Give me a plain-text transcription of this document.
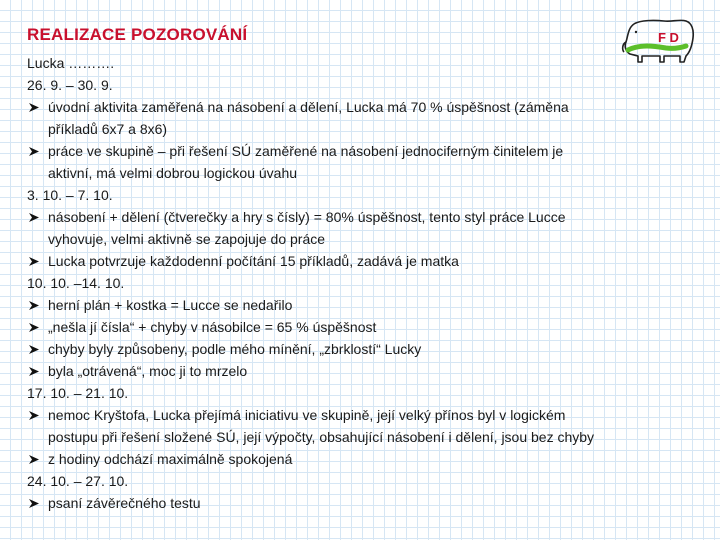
REALIZACE POZOROVÁNÍ	F D
Lucka ……….
26. 9. – 30. 9.
úvodní aktivita zaměřená na násobení a dělení, Lucka má 70 % úspěšnost (záměna
příkladů 6x7 a 8x6)
práce ve skupině – při řešení SÚ zaměřené na násobení jednociferným činitelem je
aktivní, má velmi dobrou logickou úvahu
3. 10. – 7. 10.
násobení + dělení (čtverečky a hry s čísly) = 80% úspěšnost, tento styl práce Lucce
vyhovuje, velmi aktivně se zapojuje do práce
Lucka potvrzuje každodenní počítání 15 příkladů, zadává je matka
10. 10. –14. 10.
herní plán + kostka = Lucce se nedařilo
„nešla jí čísla“ + chyby v násobilce = 65 % úspěšnost
chyby byly způsobeny, podle mého mínění, „zbrklostí“ Lucky
byla „otrávená“, moc ji to mrzelo
17. 10. – 21. 10.
nemoc Kryštofa, Lucka přejímá iniciativu ve skupině, její velký přínos byl v logickém
postupu při řešení složené SÚ, její výpočty, obsahující násobení i dělení, jsou bez chyby
z hodiny odchází maximálně spokojená
24. 10. – 27. 10.
psaní závěrečného testu
